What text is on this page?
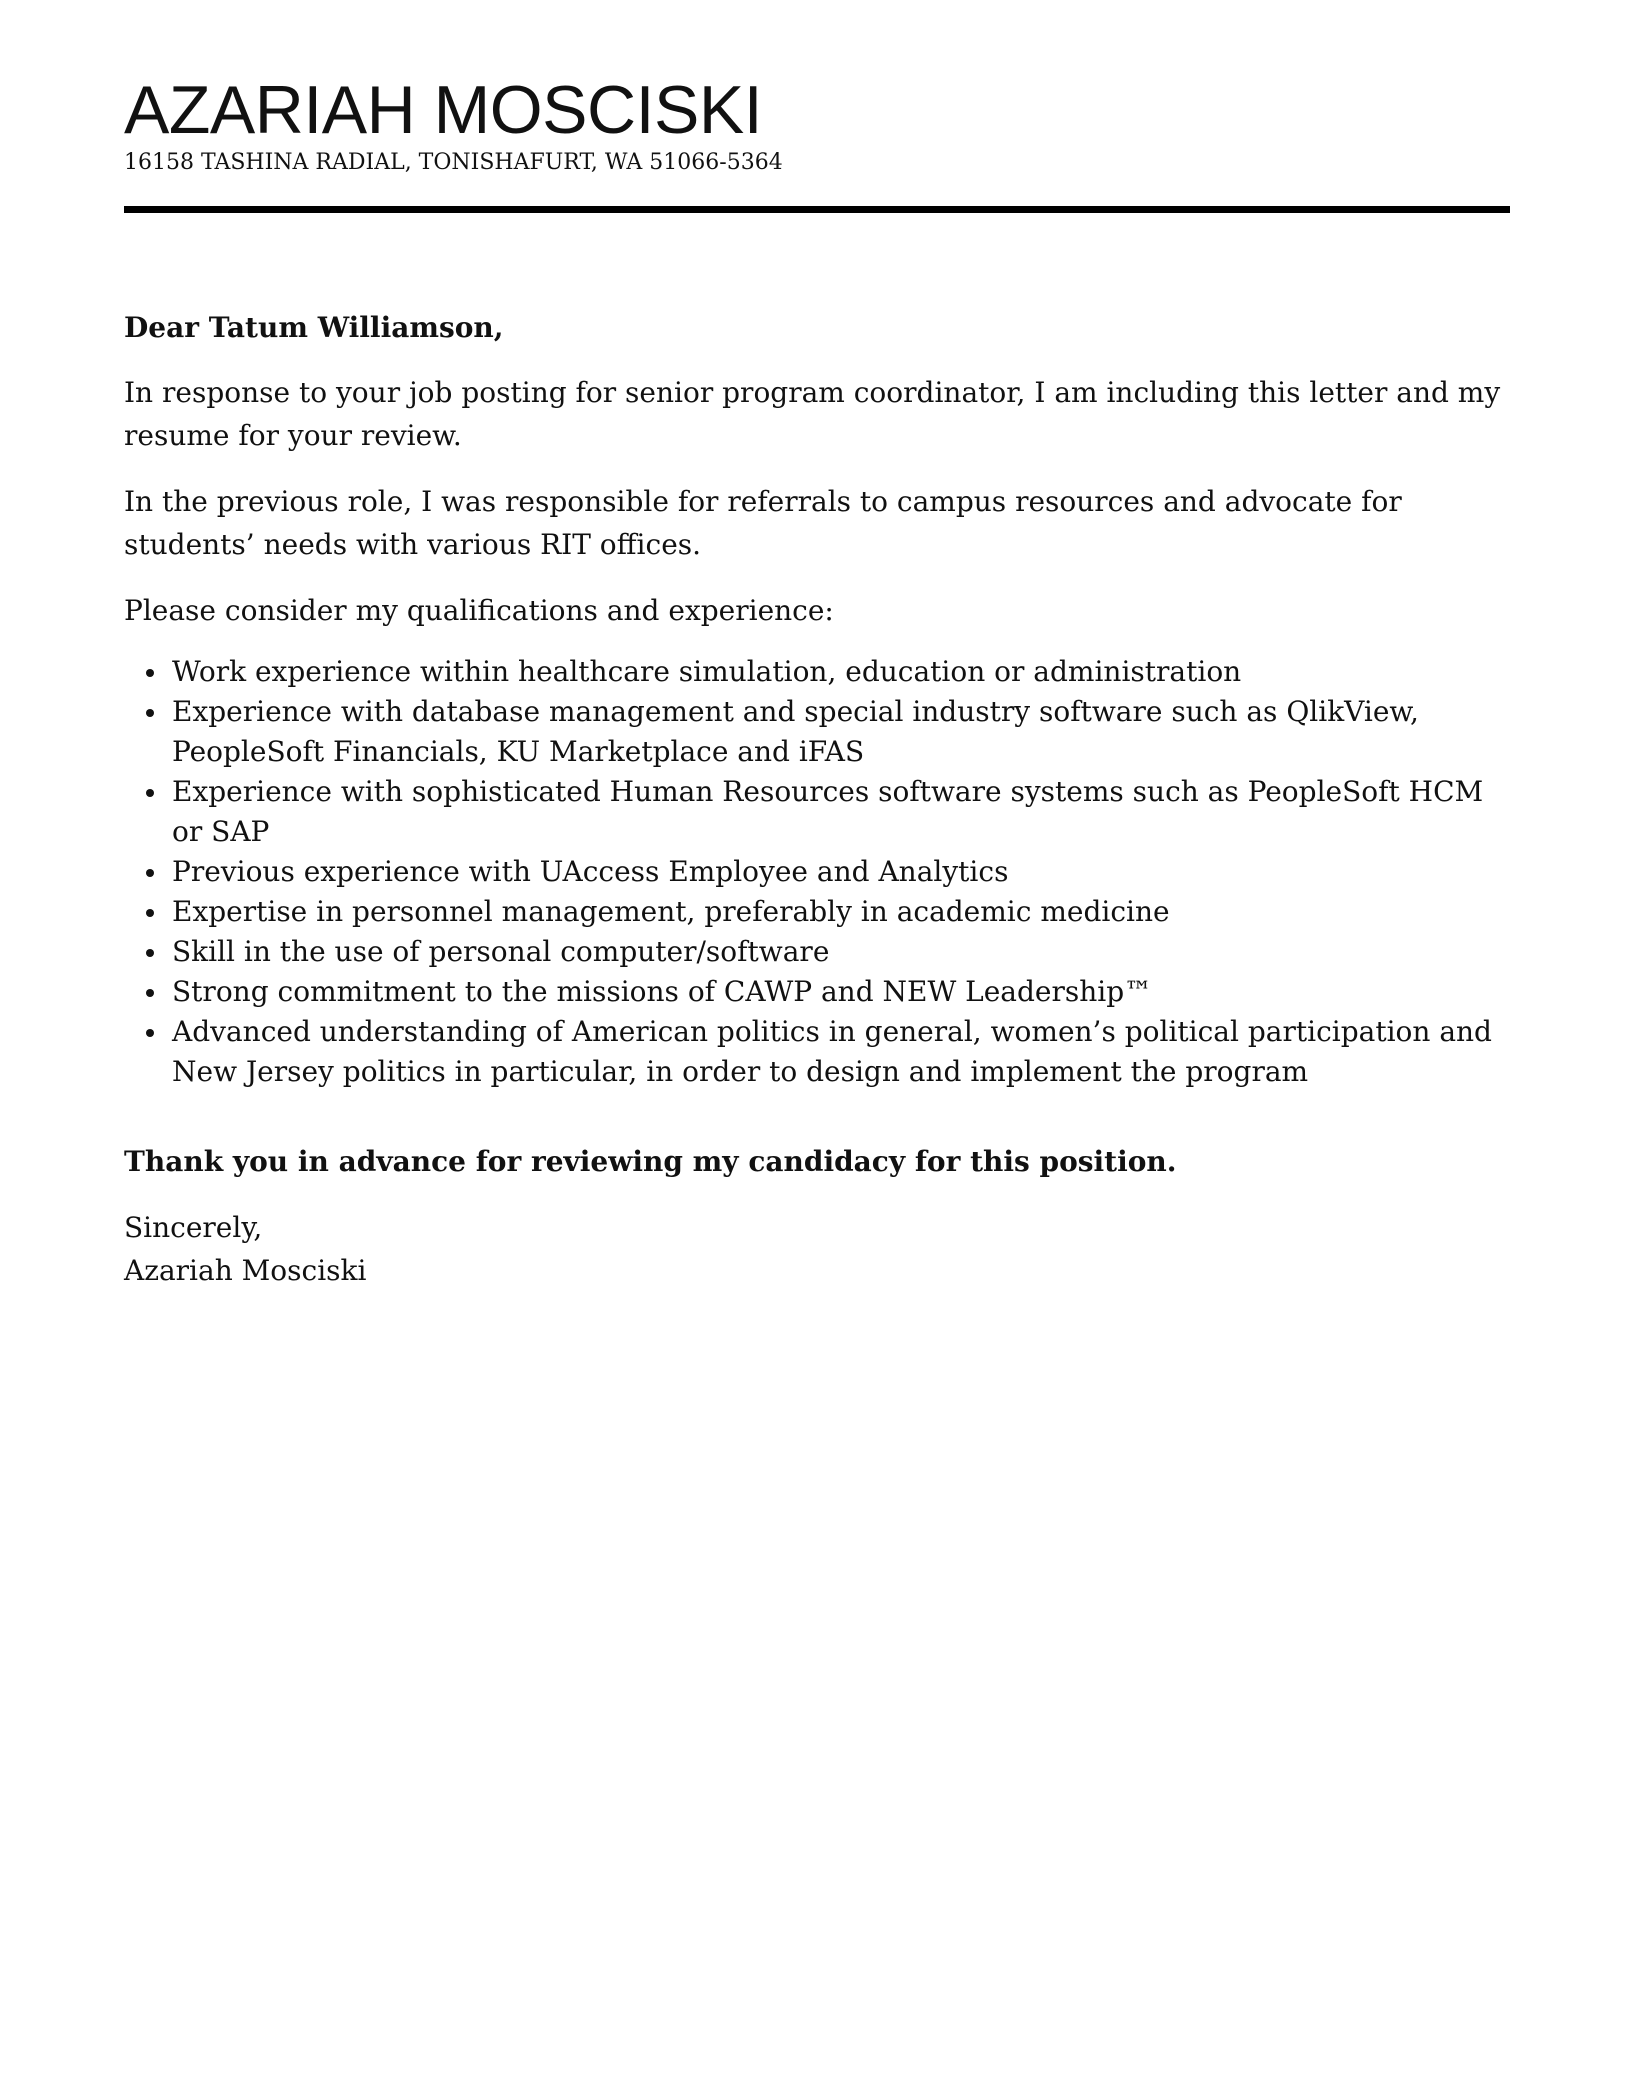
AZARIAH MOSCISKI
16158 TASHINA RADIAL, TONISHAFURT, WA 51066-5364

Dear Tatum Williamson,

In response to your job posting for senior program coordinator, I am including this letter and my resume for your review.

In the previous role, I was responsible for referrals to campus resources and advocate for students’ needs with various RIT offices.

Please consider my qualifications and experience:

Work experience within healthcare simulation, education or administration
Experience with database management and special industry software such as QlikView, PeopleSoft Financials, KU Marketplace and iFAS
Experience with sophisticated Human Resources software systems such as PeopleSoft HCM or SAP
Previous experience with UAccess Employee and Analytics
Expertise in personnel management, preferably in academic medicine
Skill in the use of personal computer/software
Strong commitment to the missions of CAWP and NEW Leadership™
Advanced understanding of American politics in general, women’s political participation and New Jersey politics in particular, in order to design and implement the program

Thank you in advance for reviewing my candidacy for this position.

Sincerely,

Azariah Mosciski
